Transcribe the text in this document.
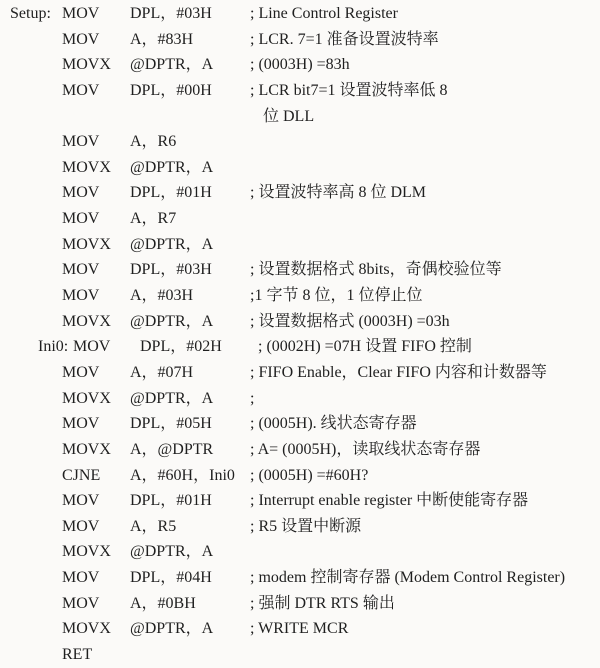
Setup: MOV DPL，#03H ; Line Control Register
MOV A，#83H	; LCR. 7=1 准备设置波特率
MOVX @DPTR，A ; (0003H) =83h
MOV DPL，#00H ; LCR bit7=1 设置波特率低 8
位 DLL
MOV A，R6
MOVX @DPTR，A
MOV DPL，#01H ; 设置波特率高 8 位 DLM
MOV A，R7
MOVX @DPTR，A
MOV DPL，#03H ; 设置数据格式 8bits，奇偶校验位等
MOV A，#03H	;1 字节 8 位，1 位停止位
MOVX @DPTR，A ; 设置数据格式 (0003H) =03h
Ini0: MOV DPL，#02H ; (0002H) =07H 设置 FIFO 控制
MOV A，#07H	; FIFO Enable，Clear FIFO 内容和计数器等
MOVX @DPTR，A ;
MOV DPL，#05H ; (0005H). 线状态寄存器
MOVX A，@DPTR ; A= (0005H)，读取线状态寄存器
CJNE A，#60H，Ini0 ; (0005H) =#60H?
MOV DPL，#01H ; Interrupt enable register 中断使能寄存器
MOV A，R5	; R5 设置中断源
MOVX @DPTR，A
MOV DPL，#04H ; modem 控制寄存器 (Modem Control Register)
MOV A，#0BH	; 强制 DTR RTS 输出
MOVX @DPTR，A ; WRITE MCR
RET
